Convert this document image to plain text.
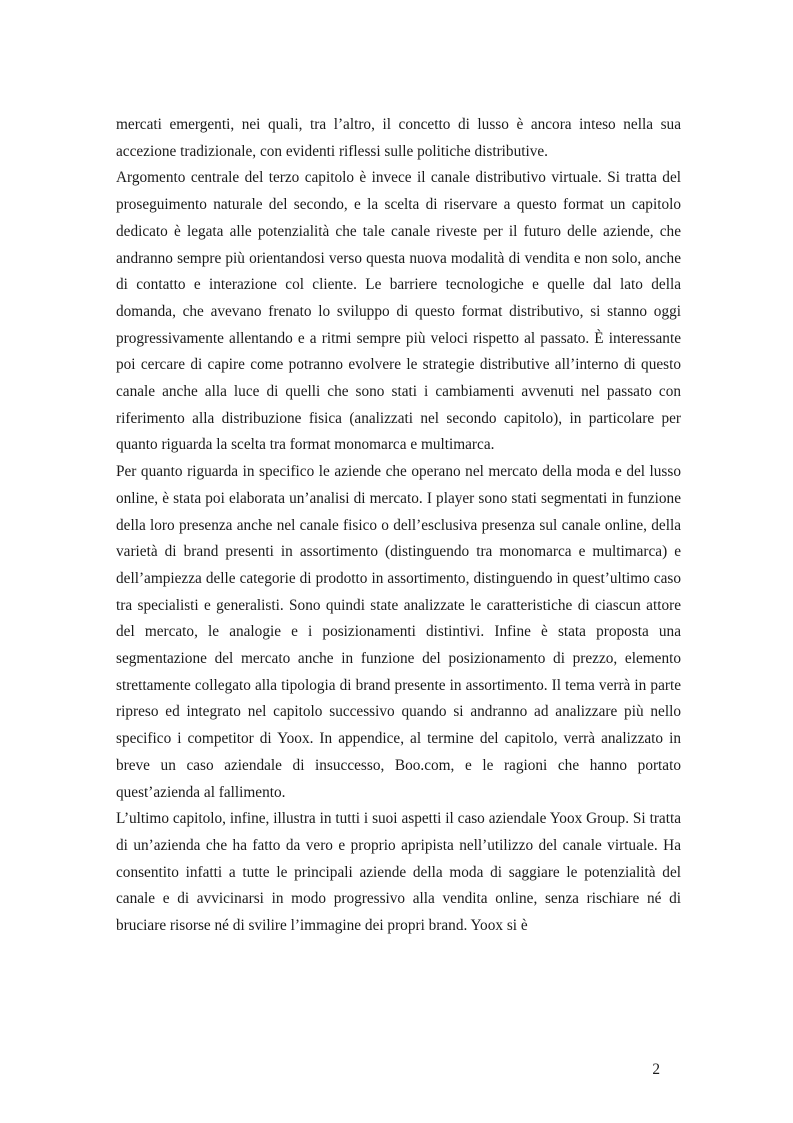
mercati emergenti, nei quali, tra l’altro, il concetto di lusso è ancora inteso nella sua accezione tradizionale, con evidenti riflessi sulle politiche distributive.

Argomento centrale del terzo capitolo è invece il canale distributivo virtuale. Si tratta del proseguimento naturale del secondo, e la scelta di riservare a questo format un capitolo dedicato è legata alle potenzialità che tale canale riveste per il futuro delle aziende, che andranno sempre più orientandosi verso questa nuova modalità di vendita e non solo, anche di contatto e interazione col cliente. Le barriere tecnologiche e quelle dal lato della domanda, che avevano frenato lo sviluppo di questo format distributivo, si stanno oggi progressivamente allentando e a ritmi sempre più veloci rispetto al passato. È interessante poi cercare di capire come potranno evolvere le strategie distributive all’interno di questo canale anche alla luce di quelli che sono stati i cambiamenti avvenuti nel passato con riferimento alla distribuzione fisica (analizzati nel secondo capitolo), in particolare per quanto riguarda la scelta tra format monomarca e multimarca.

Per quanto riguarda in specifico le aziende che operano nel mercato della moda e del lusso online, è stata poi elaborata un’analisi di mercato. I player sono stati segmentati in funzione della loro presenza anche nel canale fisico o dell’esclusiva presenza sul canale online, della varietà di brand presenti in assortimento (distinguendo tra monomarca e multimarca) e dell’ampiezza delle categorie di prodotto in assortimento, distinguendo in quest’ultimo caso tra specialisti e generalisti. Sono quindi state analizzate le caratteristiche di ciascun attore del mercato, le analogie e i posizionamenti distintivi. Infine è stata proposta una segmentazione del mercato anche in funzione del posizionamento di prezzo, elemento strettamente collegato alla tipologia di brand presente in assortimento. Il tema verrà in parte ripreso ed integrato nel capitolo successivo quando si andranno ad analizzare più nello specifico i competitor di Yoox. In appendice, al termine del capitolo, verrà analizzato in breve un caso aziendale di insuccesso, Boo.com, e le ragioni che hanno portato quest’azienda al fallimento.

L’ultimo capitolo, infine, illustra in tutti i suoi aspetti il caso aziendale Yoox Group. Si tratta di un’azienda che ha fatto da vero e proprio apripista nell’utilizzo del canale virtuale. Ha consentito infatti a tutte le principali aziende della moda di saggiare le potenzialità del canale e di avvicinarsi in modo progressivo alla vendita online, senza rischiare né di bruciare risorse né di svilire l’immagine dei propri brand. Yoox si è

2
